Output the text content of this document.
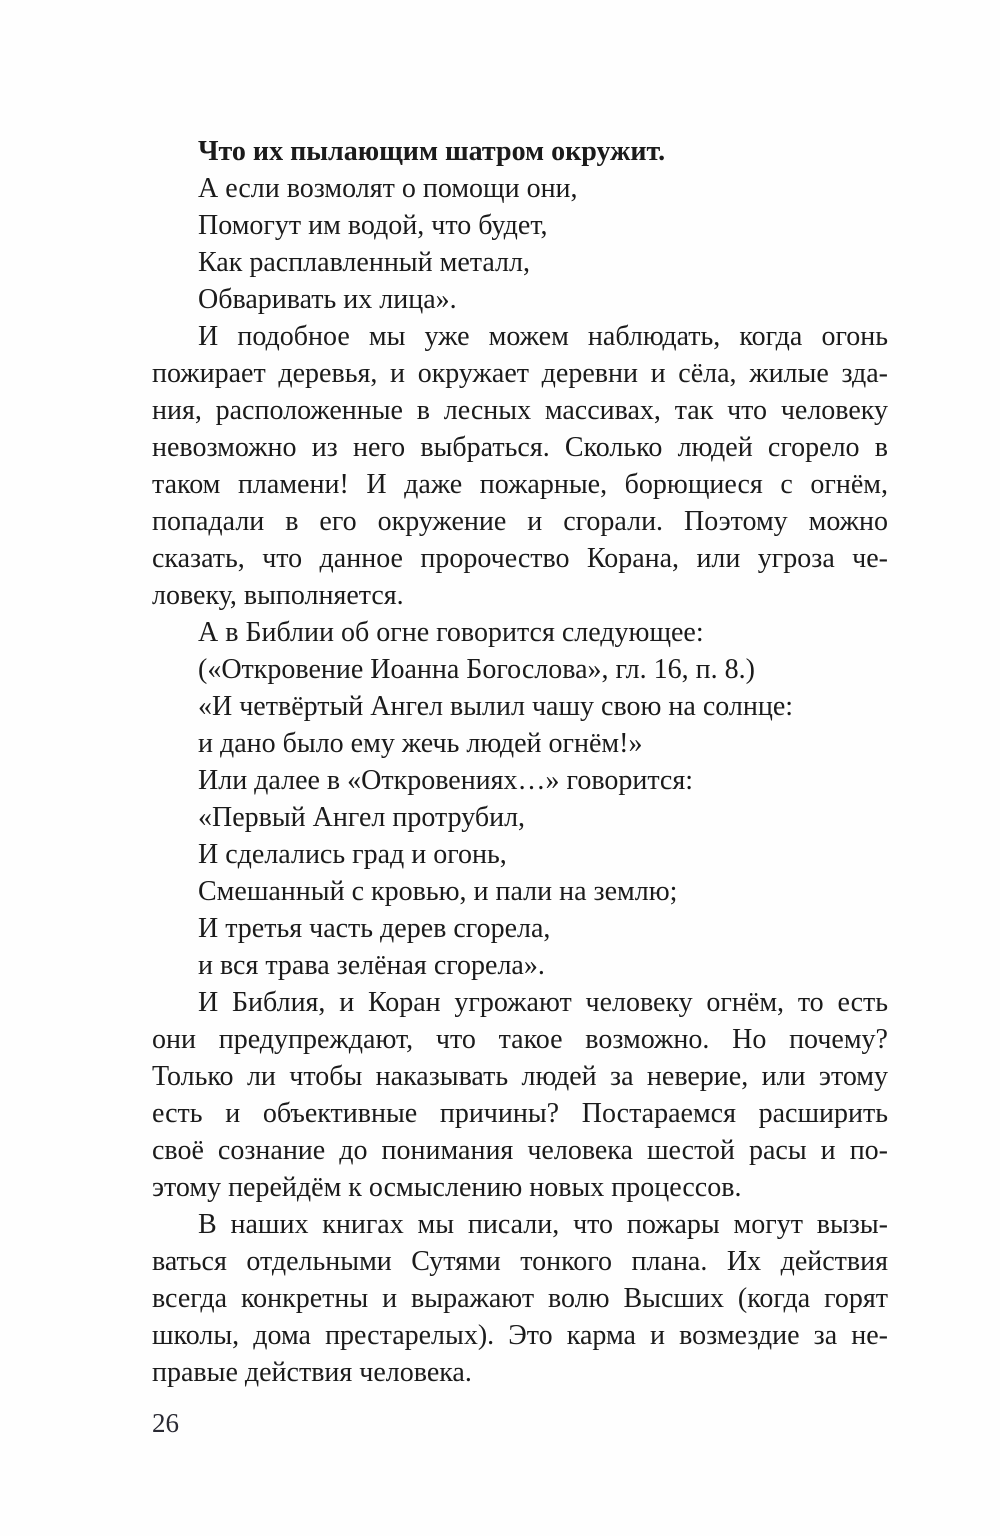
Что их пылающим шатром окружит.
А если возмолят о помощи они,
Помогут им водой, что будет,
Как расплавленный металл,
Обваривать их лица».
И подобное мы уже можем наблюдать, когда огонь
пожирает деревья, и окружает деревни и сёла, жилые зда-
ния, расположенные в лесных массивах, так что человеку
невозможно из него выбраться. Сколько людей сгорело в
таком пламени! И даже пожарные, борющиеся с огнём,
попадали в его окружение и сгорали. Поэтому можно
сказать, что данное пророчество Корана, или угроза че-
ловеку, выполняется.
А в Библии об огне говорится следующее:
(«Откровение Иоанна Богослова», гл. 16, п. 8.)
«И четвёртый Ангел вылил чашу свою на солнце:
и дано было ему жечь людей огнём!»
Или далее в «Откровениях…» говорится:
«Первый Ангел протрубил,
И сделались град и огонь,
Смешанный с кровью, и пали на землю;
И третья часть дерев сгорела,
и вся трава зелёная сгорела».
И Библия, и Коран угрожают человеку огнём, то есть
они предупреждают, что такое возможно. Но почему?
Только ли чтобы наказывать людей за неверие, или этому
есть и объективные причины? Постараемся расширить
своё сознание до понимания человека шестой расы и по-
этому перейдём к осмыслению новых процессов.
В наших книгах мы писали, что пожары могут вызы-
ваться отдельными Сутями тонкого плана. Их действия
всегда конкретны и выражают волю Высших (когда горят
школы, дома престарелых). Это карма и возмездие за не-
правые действия человека.
26
